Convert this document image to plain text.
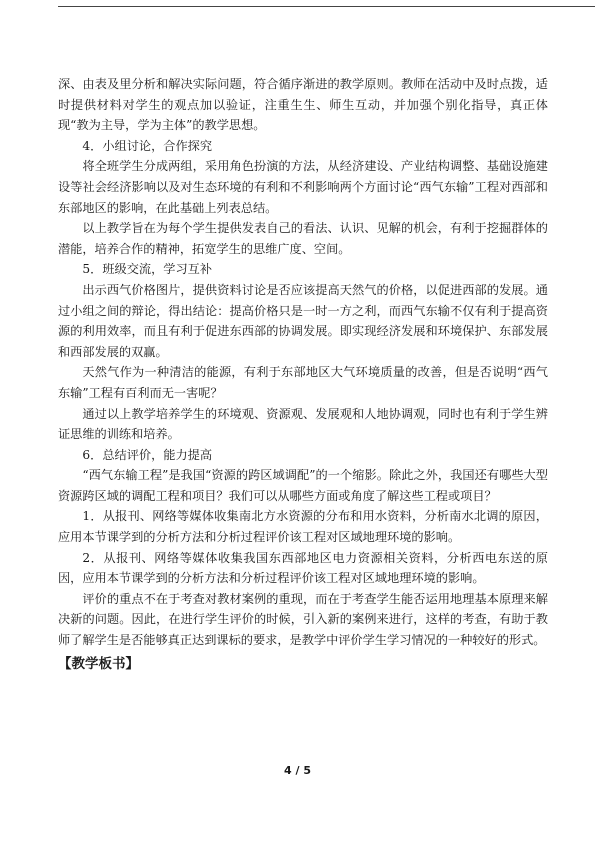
深、由表及里分析和解决实际问题，符合循序渐进的教学原则。教师在活动中及时点拨，适时提供材料对学生的观点加以验证，注重生生、师生互动，并加强个别化指导，真正体现“教为主导，学为主体”的教学思想。

4．小组讨论，合作探究

将全班学生分成两组，采用角色扮演的方法，从经济建设、产业结构调整、基础设施建设等社会经济影响以及对生态环境的有利和不利影响两个方面讨论“西气东输”工程对西部和东部地区的影响，在此基础上列表总结。

以上教学旨在为每个学生提供发表自己的看法、认识、见解的机会，有利于挖掘群体的潜能，培养合作的精神，拓宽学生的思维广度、空间。

5．班级交流，学习互补

出示西气价格图片，提供资料讨论是否应该提高天然气的价格，以促进西部的发展。通过小组之间的辩论，得出结论：提高价格只是一时一方之利，而西气东输不仅有利于提高资源的利用效率，而且有利于促进东西部的协调发展。即实现经济发展和环境保护、东部发展和西部发展的双赢。

天然气作为一种清洁的能源，有利于东部地区大气环境质量的改善，但是否说明“西气东输”工程有百利而无一害呢？

通过以上教学培养学生的环境观、资源观、发展观和人地协调观，同时也有利于学生辨证思维的训练和培养。

6．总结评价，能力提高

“西气东输工程”是我国“资源的跨区域调配”的一个缩影。除此之外，我国还有哪些大型资源跨区域的调配工程和项目？我们可以从哪些方面或角度了解这些工程或项目？

1．从报刊、网络等媒体收集南北方水资源的分布和用水资料，分析南水北调的原因，应用本节课学到的分析方法和分析过程评价该工程对区域地理环境的影响。

2．从报刊、网络等媒体收集我国东西部地区电力资源相关资料，分析西电东送的原因，应用本节课学到的分析方法和分析过程评价该工程对区域地理环境的影响。

评价的重点不在于考查对教材案例的重现，而在于考查学生能否运用地理基本原理来解决新的问题。因此，在进行学生评价的时候，引入新的案例来进行，这样的考查，有助于教师了解学生是否能够真正达到课标的要求，是教学中评价学生学习情况的一种较好的形式。

【教学板书】

4 / 5
